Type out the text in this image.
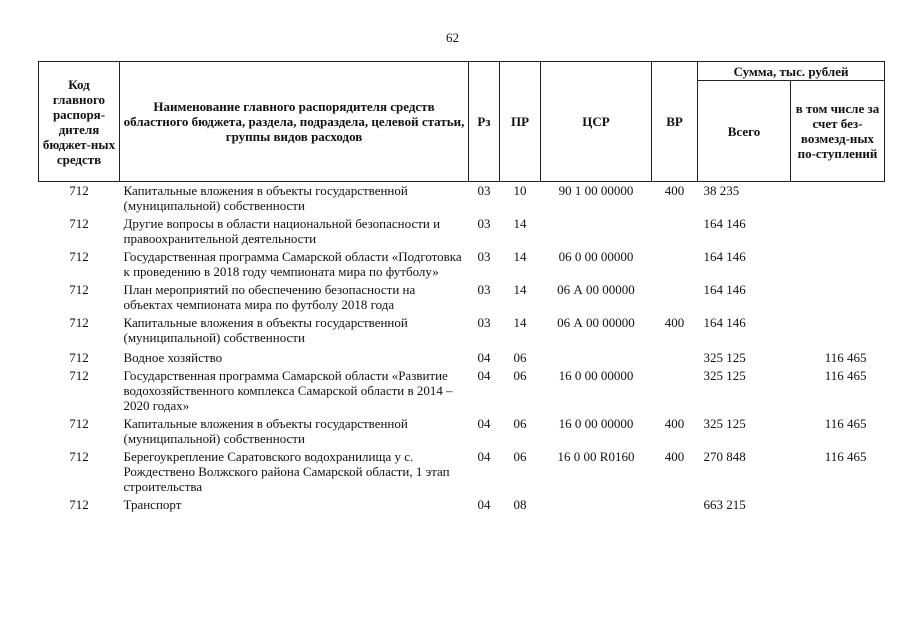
62
Код главного распоря-дителя бюджет-ных средств	Наименование главного распорядителя средств областного бюджета, раздела, подраздела, целевой статьи, группы видов расходов	Рз	ПР	ЦСР	ВР	Сумма, тыс. рублей	
						Всего	в том числе за счет без-возмезд-ных по-ступлений
712	Капитальные вложения в объекты государственной (муниципальной) собственности	03	10	90 1 00 00000	400	38 235	
712	Другие вопросы в области национальной безопасности и правоохранительной деятельности	03	14			164 146	
712	Государственная программа Самарской области «Подготовка к проведению в 2018 году чемпионата мира по футболу»	03	14	06 0 00 00000		164 146	
712	План мероприятий по обеспечению безопасности на объектах чемпионата мира по футболу 2018 года	03	14	06 А 00 00000		164 146	
712	Капитальные вложения в объекты государственной (муниципальной) собственности	03	14	06 А 00 00000	400	164 146	
712	Водное хозяйство	04	06			325 125	116 465
712	Государственная программа Самарской области «Развитие водохозяйственного комплекса Самарской области в 2014 – 2020 годах»	04	06	16 0 00 00000		325 125	116 465
712	Капитальные вложения в объекты государственной (муниципальной) собственности	04	06	16 0 00 00000	400	325 125	116 465
712	Берегоукрепление Саратовского водохранилища у с. Рождествено Волжского района Самарской области, 1 этап строительства	04	06	16 0 00 R0160	400	270 848	116 465
712	Транспорт	04	08			663 215	
